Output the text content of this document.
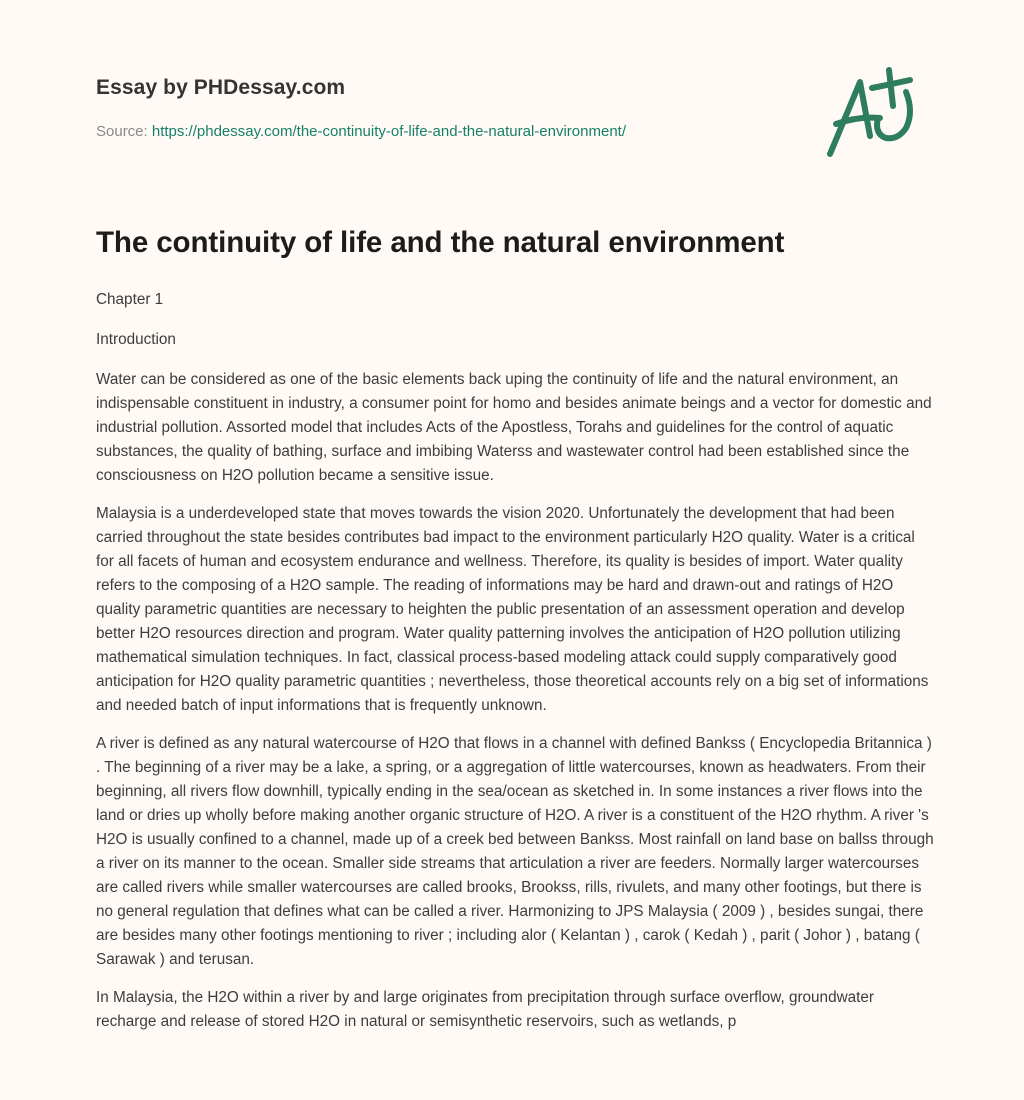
Essay by PHDessay.com
Source: https://phdessay.com/the-continuity-of-life-and-the-natural-environment/
The continuity of life and the natural environment

Chapter 1

Introduction

Water can be considered as one of the basic elements back uping the continuity of life and the natural environment, an indispensable constituent in industry, a consumer point for homo and besides animate beings and a vector for domestic and industrial pollution. Assorted model that includes Acts of the Apostless, Torahs and guidelines for the control of aquatic substances, the quality of bathing, surface and imbibing Waterss and wastewater control had been established since the consciousness on H2O pollution became a sensitive issue.

Malaysia is a underdeveloped state that moves towards the vision 2020. Unfortunately the development that had been carried throughout the state besides contributes bad impact to the environment particularly H2O quality. Water is a critical for all facets of human and ecosystem endurance and wellness. Therefore, its quality is besides of import. Water quality refers to the composing of a H2O sample. The reading of informations may be hard and drawn-out and ratings of H2O quality parametric quantities are necessary to heighten the public presentation of an assessment operation and develop better H2O resources direction and program. Water quality patterning involves the anticipation of H2O pollution utilizing mathematical simulation techniques. In fact, classical process-based modeling attack could supply comparatively good anticipation for H2O quality parametric quantities ; nevertheless, those theoretical accounts rely on a big set of informations and needed batch of input informations that is frequently unknown.

A river is defined as any natural watercourse of H2O that flows in a channel with defined Bankss ( Encyclopedia Britannica ) . The beginning of a river may be a lake, a spring, or a aggregation of little watercourses, known as headwaters. From their beginning, all rivers flow downhill, typically ending in the sea/ocean as sketched in. In some instances a river flows into the land or dries up wholly before making another organic structure of H2O. A river is a constituent of the H2O rhythm. A river 's H2O is usually confined to a channel, made up of a creek bed between Bankss. Most rainfall on land base on ballss through a river on its manner to the ocean. Smaller side streams that articulation a river are feeders. Normally larger watercourses are called rivers while smaller watercourses are called brooks, Brookss, rills, rivulets, and many other footings, but there is no general regulation that defines what can be called a river. Harmonizing to JPS Malaysia ( 2009 ) , besides sungai, there are besides many other footings mentioning to river ; including alor ( Kelantan ) , carok ( Kedah ) , parit ( Johor ) , batang ( Sarawak ) and terusan.

In Malaysia, the H2O within a river by and large originates from precipitation through surface overflow, groundwater recharge and release of stored H2O in natural or semisynthetic reservoirs, such as wetlands, p
